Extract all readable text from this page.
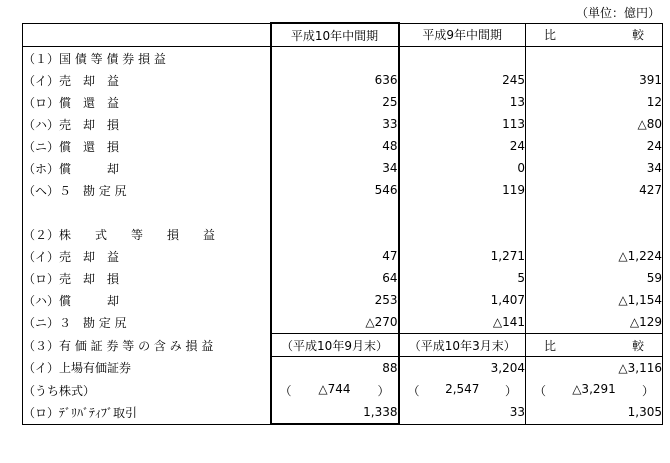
（単位：億円）
	平成10年中間期	平成9年中間期	比 較

（１）国 債 等 債 券 損 益			
（イ）売　却　益	636	245	391
（ロ）償　還　益	25	13	12
（ハ）売　却　損	33	113	△80
（ニ）償　還　損	48	24	24
（ホ）償　　　却	34	0	34
（ヘ）５　勘 定 尻	546	119	427

（２）株　　式　　等　　損　　益			
（イ）売　却　益	47	1,271	△1,224
（ロ）売　却　損	64	5	59
（ハ）償　　　却	253	1,407	△1,154
（ニ）３　勘 定 尻	△270	△141	△129
（３）有 価 証 券 等 の 含 み 損 益	（平成10年9月末）	（平成10年3月末）	比 較

（イ）上場有価証券	88	3,204	△3,116
（うち株式）	（ △744 ）	（ 2,547 ）	（ △3,291 ）

（ロ）ﾃﾞﾘﾊﾞﾃｨﾌﾞ取引	1,338	33	1,305
